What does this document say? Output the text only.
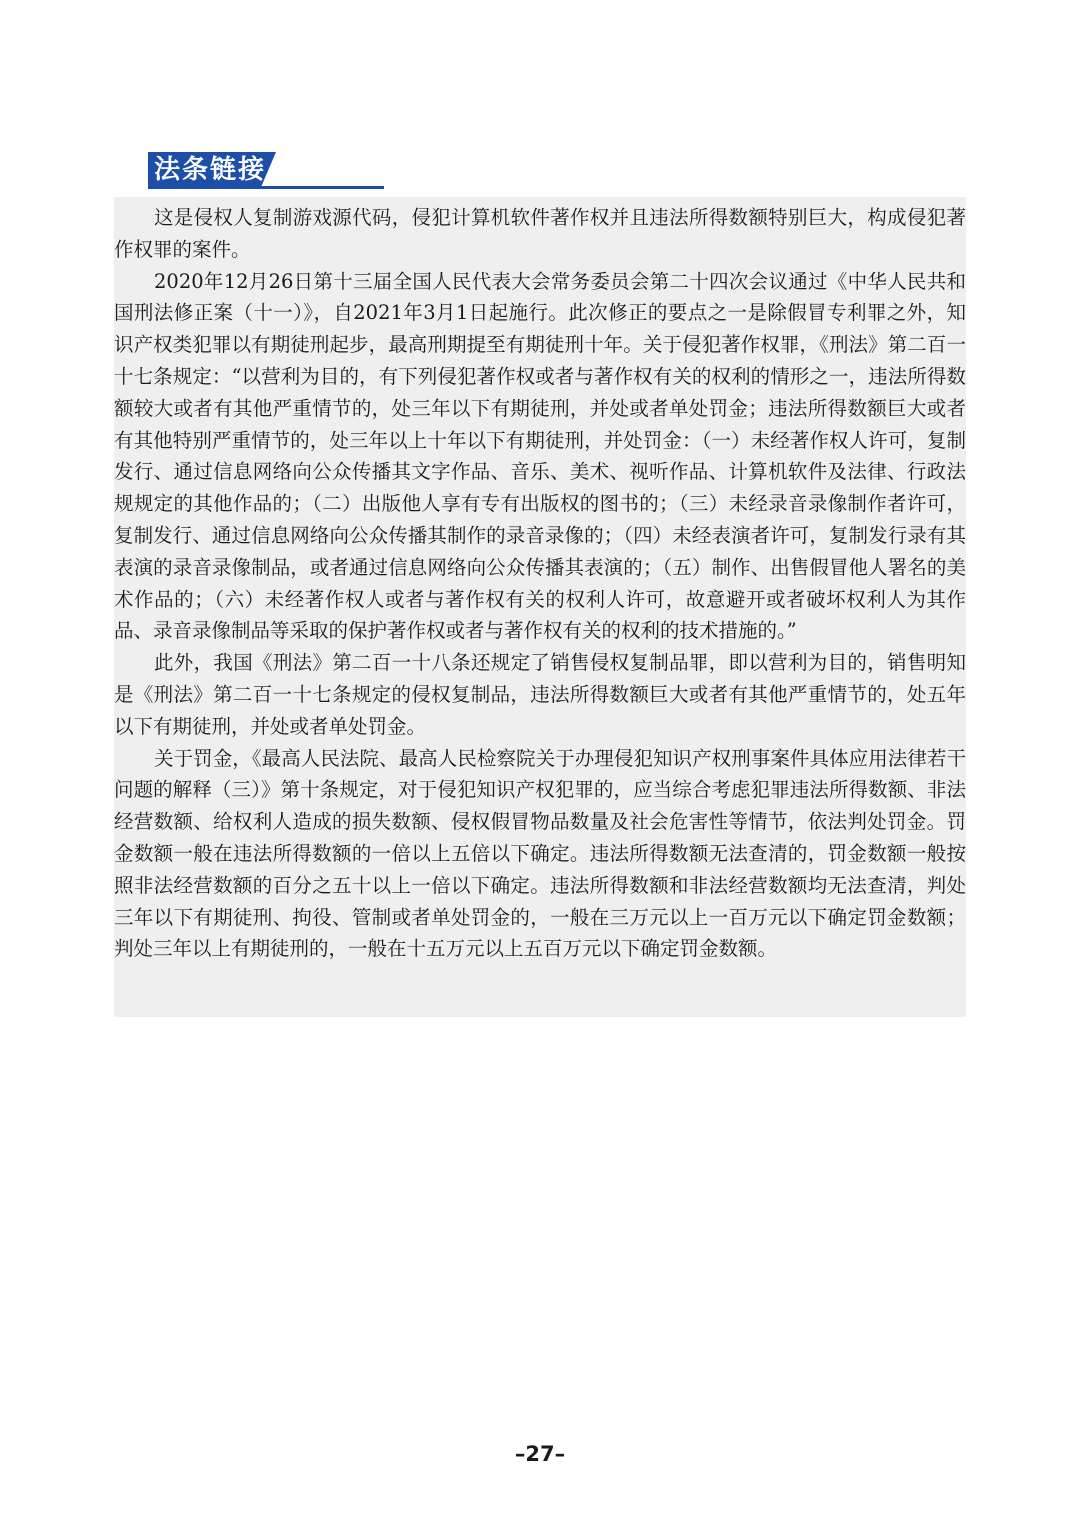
法条链接

这是侵权人复制游戏源代码，侵犯计算机软件著作权并且违法所得数额特别巨大，构成侵犯著作权罪的案件。

2020年12月26日第十三届全国人民代表大会常务委员会第二十四次会议通过《中华人民共和国刑法修正案（十一）》，自2021年3月1日起施行。此次修正的要点之一是除假冒专利罪之外，知识产权类犯罪以有期徒刑起步，最高刑期提至有期徒刑十年。关于侵犯著作权罪，《刑法》第二百一十七条规定：“以营利为目的，有下列侵犯著作权或者与著作权有关的权利的情形之一，违法所得数额较大或者有其他严重情节的，处三年以下有期徒刑，并处或者单处罚金；违法所得数额巨大或者有其他特别严重情节的，处三年以上十年以下有期徒刑，并处罚金：（一）未经著作权人许可，复制发行、通过信息网络向公众传播其文字作品、音乐、美术、视听作品、计算机软件及法律、行政法规规定的其他作品的；（二）出版他人享有专有出版权的图书的；（三）未经录音录像制作者许可，复制发行、通过信息网络向公众传播其制作的录音录像的；（四）未经表演者许可，复制发行录有其表演的录音录像制品，或者通过信息网络向公众传播其表演的；（五）制作、出售假冒他人署名的美术作品的；（六）未经著作权人或者与著作权有关的权利人许可，故意避开或者破坏权利人为其作品、录音录像制品等采取的保护著作权或者与著作权有关的权利的技术措施的。”

此外，我国《刑法》第二百一十八条还规定了销售侵权复制品罪，即以营利为目的，销售明知是《刑法》第二百一十七条规定的侵权复制品，违法所得数额巨大或者有其他严重情节的，处五年以下有期徒刑，并处或者单处罚金。

关于罚金，《最高人民法院、最高人民检察院关于办理侵犯知识产权刑事案件具体应用法律若干问题的解释（三）》第十条规定，对于侵犯知识产权犯罪的，应当综合考虑犯罪违法所得数额、非法经营数额、给权利人造成的损失数额、侵权假冒物品数量及社会危害性等情节，依法判处罚金。罚金数额一般在违法所得数额的一倍以上五倍以下确定。违法所得数额无法查清的，罚金数额一般按照非法经营数额的百分之五十以上一倍以下确定。违法所得数额和非法经营数额均无法查清，判处三年以下有期徒刑、拘役、管制或者单处罚金的，一般在三万元以上一百万元以下确定罚金数额；判处三年以上有期徒刑的，一般在十五万元以上五百万元以下确定罚金数额。

–27–
